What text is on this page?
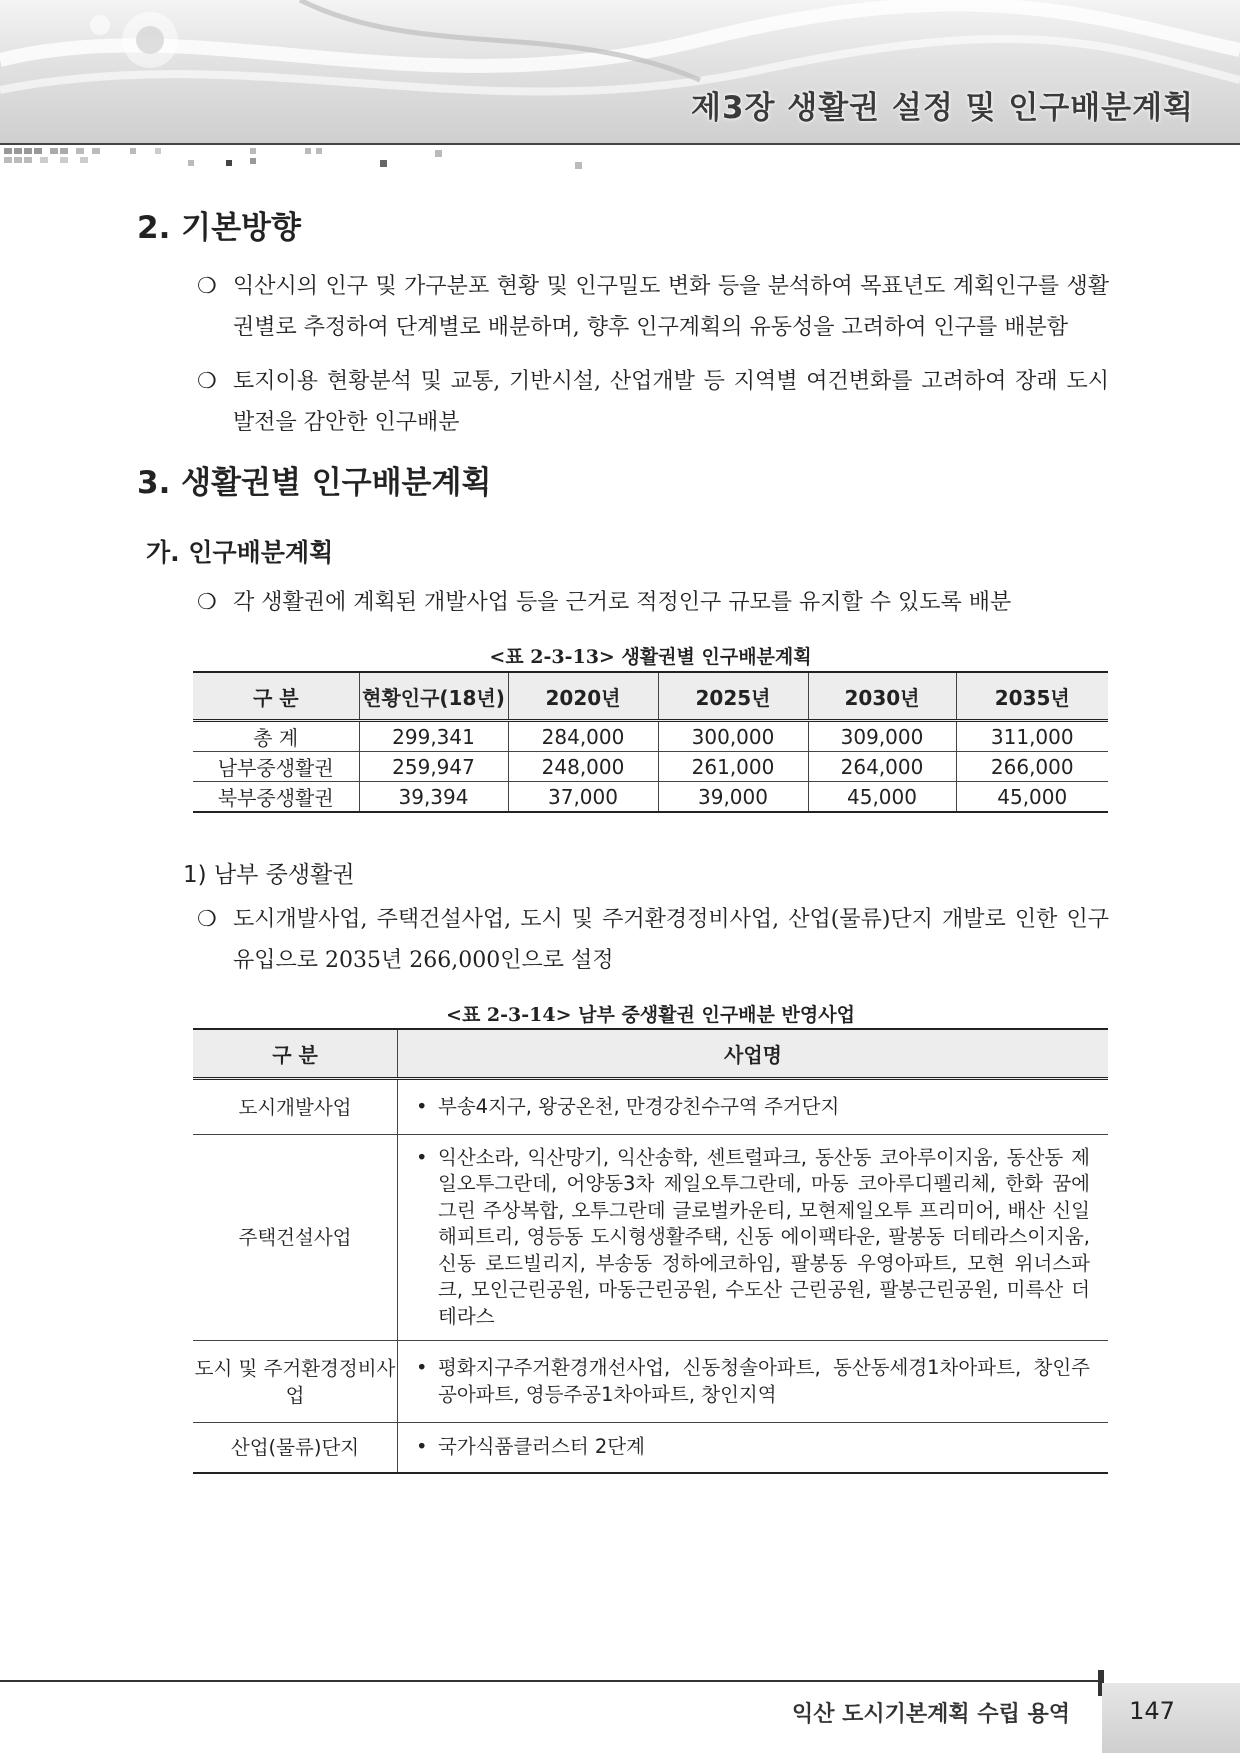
제3장 생활권 설정 및 인구배분계획
2. 기본방향
❍ 익산시의 인구 및 가구분포 현황 및 인구밀도 변화 등을 분석하여 목표년도 계획인구를 생활권별로 추정하여 단계별로 배분하며, 향후 인구계획의 유동성을 고려하여 인구를 배분함
❍ 토지이용 현황분석 및 교통, 기반시설, 산업개발 등 지역별 여건변화를 고려하여 장래 도시 발전을 감안한 인구배분
3. 생활권별 인구배분계획
가. 인구배분계획
❍ 각 생활권에 계획된 개발사업 등을 근거로 적정인구 규모를 유지할 수 있도록 배분
<표 2-3-13> 생활권별 인구배분계획
구 분	현황인구(18년)	2020년	2025년	2030년	2035년
총 계	299,341	284,000	300,000	309,000	311,000
남부중생활권	259,947	248,000	261,000	264,000	266,000
북부중생활권	39,394	37,000	39,000	45,000	45,000
1) 남부 중생활권
❍ 도시개발사업, 주택건설사업, 도시 및 주거환경정비사업, 산업(물류)단지 개발로 인한 인구 유입으로 2035년 266,000인으로 설정
<표 2-3-14> 남부 중생활권 인구배분 반영사업
구 분	사업명
도시개발사업	• 부송4지구, 왕궁온천, 만경강친수구역 주거단지

주택건설사업	• 익산소라, 익산망기, 익산송학, 센트럴파크, 동산동 코아루이지움, 동산동 제일오투그란데, 어양동3차 제일오투그란데, 마동 코아루디펠리체, 한화 꿈에그린 주상복합, 오투그란데 글로벌카운티, 모현제일오투 프리미어, 배산 신일해피트리, 영등동 도시형생활주택, 신동 에이팩타운, 팔봉동 더테라스이지움, 신동 로드빌리지, 부송동 정하에코하임, 팔봉동 우영아파트, 모현 위너스파크, 모인근린공원, 마동근린공원, 수도산 근린공원, 팔봉근린공원, 미륵산 더테라스

도시 및 주거환경정비사업	• 평화지구주거환경개선사업, 신동청솔아파트, 동산동세경1차아파트, 창인주공아파트, 영등주공1차아파트, 창인지역

산업(물류)단지	• 국가식품클러스터 2단계
익산 도시기본계획 수립 용역	147
